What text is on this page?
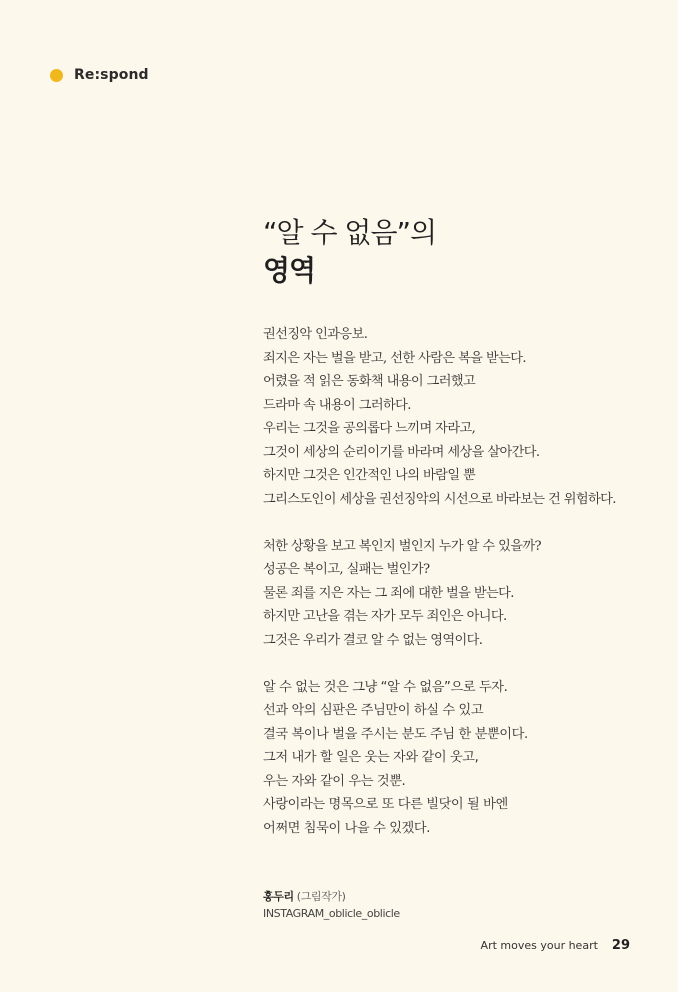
Re:spond
“알 수 없음”의
영역
권선징악 인과응보.
죄지은 자는 벌을 받고, 선한 사람은 복을 받는다.
어렸을 적 읽은 동화책 내용이 그러했고
드라마 속 내용이 그러하다.
우리는 그것을 공의롭다 느끼며 자라고,
그것이 세상의 순리이기를 바라며 세상을 살아간다.
하지만 그것은 인간적인 나의 바람일 뿐
그리스도인이 세상을 권선징악의 시선으로 바라보는 건 위험하다.
처한 상황을 보고 복인지 벌인지 누가 알 수 있을까?
성공은 복이고, 실패는 벌인가?
물론 죄를 지은 자는 그 죄에 대한 벌을 받는다.
하지만 고난을 겪는 자가 모두 죄인은 아니다.
그것은 우리가 결코 알 수 없는 영역이다.
알 수 없는 것은 그냥 “알 수 없음”으로 두자.
선과 악의 심판은 주님만이 하실 수 있고
결국 복이나 벌을 주시는 분도 주님 한 분뿐이다.
그저 내가 할 일은 웃는 자와 같이 웃고,
우는 자와 같이 우는 것뿐.
사랑이라는 명목으로 또 다른 빌닷이 될 바엔
어쩌면 침묵이 나을 수 있겠다.
홍두리 (그림작가)
INSTAGRAM_oblicle_oblicle
Art moves your heart 29
